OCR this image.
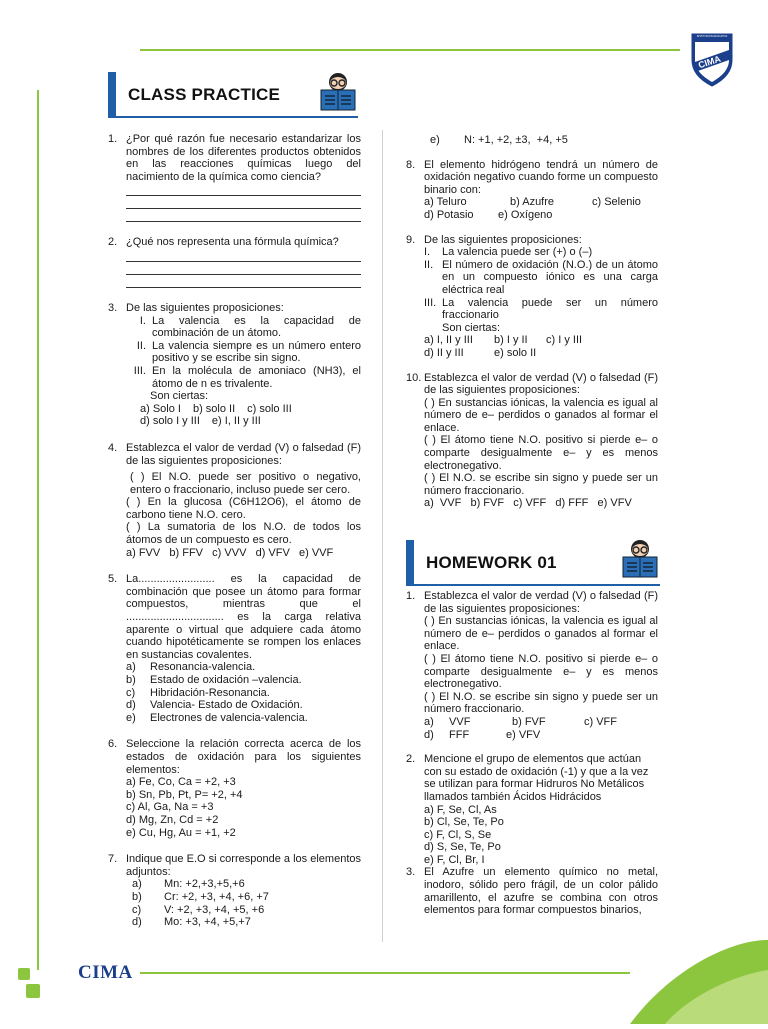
INSTITUCIÓN EDUCATIVA
CIMA
CIMA
CLASS PRACTICE
1. ¿Por qué razón fue necesario estandarizar los nombres de los diferentes productos obtenidos en las reacciones químicas luego del nacimiento de la química como ciencia?
2. ¿Qué nos representa una fórmula química?
3. De las siguientes proposiciones:
I. La valencia es la capacidad de combinación de un átomo.
II. La valencia siempre es un número entero positivo y se escribe sin signo.
III. En la molécula de amoniaco (NH3), el átomo de n es trivalente.
Son ciertas:
a) Solo I b) solo II c) solo III
d) solo I y III e) I, II y III
4. Establezca el valor de verdad (V) o falsedad (F) de las siguientes proposiciones:
( ) El N.O. puede ser positivo o negativo, entero o fraccionario, incluso puede ser cero.
( ) En la glucosa (C6H12O6), el átomo de carbono tiene N.O. cero.
( ) La sumatoria de los N.O. de todos los átomos de un compuesto es cero.
a) FVV   b) FFV   c) VVV   d) VFV   e) VVF
5. La......................... es la capacidad de combinación que posee un átomo para formar compuestos, mientras que el ................................ es la carga relativa aparente o virtual que adquiere cada átomo cuando hipotéticamente se rompen los enlaces en sustancias covalentes.
a)	Resonancia-valencia.
b)	Estado de oxidación –valencia.
c)	Hibridación-Resonancia.
d)	Valencia- Estado de Oxidación.
e)	Electrones de valencia-valencia.
6. Seleccione la relación correcta acerca de los estados de oxidación para los siguientes elementos:
a) Fe, Co, Ca = +2, +3
b) Sn, Pb, Pt, P= +2, +4
c) Al, Ga, Na = +3
d) Mg, Zn, Cd = +2
e) Cu, Hg, Au = +1, +2
7. Indique que E.O si corresponde a los elementos adjuntos:
a)	Mn: +2,+3,+5,+6
b)	Cr: +2, +3, +4, +6, +7
c)	V: +2, +3, +4, +5, +6
d)	Mo: +3, +4, +5,+7
e)	N: +1, +2, ±3,  +4, +5
8. El elemento hidrógeno tendrá un número de oxidación negativo cuando forme un compuesto binario con:
a) Teluro	b) Azufre	c) Selenio
d) Potasio	e) Oxígeno
9. De las siguientes proposiciones:
I.	La valencia puede ser (+) o (–)
II. El número de oxidación (N.O.) de un átomo en un compuesto iónico es una carga eléctrica real
III. La valencia puede ser un número fraccionario
Son ciertas:
a) I, II y III	b) I y II	c) I y III
d) II y III	e) solo II
10. Establezca el valor de verdad (V) o falsedad (F) de las siguientes proposiciones:
( ) En sustancias iónicas, la valencia es igual al número de e– perdidos o ganados al formar el enlace.
( ) El átomo tiene N.O. positivo si pierde e– o comparte desigualmente e– y es menos electronegativo.
( ) El N.O. se escribe sin signo y puede ser un número fraccionario.
a)  VVF   b) FVF   c) VFF   d) FFF   e) VFV
HOMEWORK 01
1. Establezca el valor de verdad (V) o falsedad (F) de las siguientes proposiciones:
( ) En sustancias iónicas, la valencia es igual al número de e– perdidos o ganados al formar el enlace.
( ) El átomo tiene N.O. positivo si pierde e– o comparte desigualmente e– y es menos electronegativo.
( ) El N.O. se escribe sin signo y puede ser un número fraccionario.
a)     VVF	b) FVF	c) VFF
d)     FFF	e) VFV
2. Mencione el grupo de elementos que actúan con su estado de oxidación (-1) y que a la vez se utilizan para formar Hidruros No Metálicos llamados también Ácidos Hidrácidos
a) F, Se, Cl, As
b) Cl, Se, Te, Po
c) F, Cl, S, Se
d) S, Se, Te, Po
e) F, Cl, Br, I
3. El Azufre un elemento químico no metal, inodoro, sólido pero frágil, de un color pálido amarillento, el azufre se combina con otros elementos para formar compuestos binarios,
